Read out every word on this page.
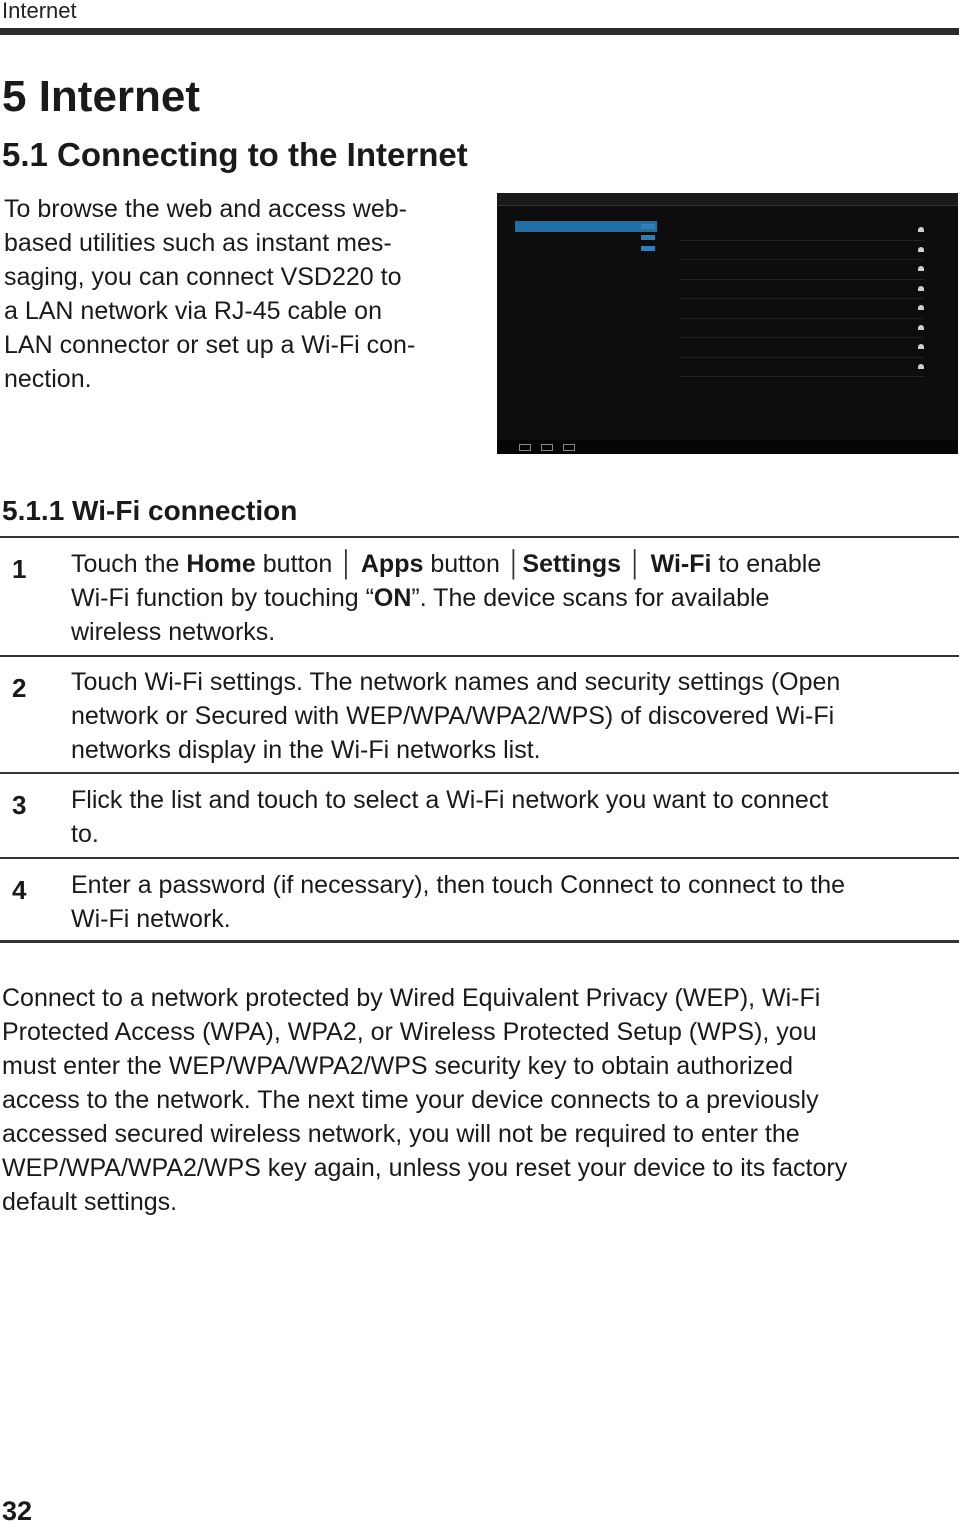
Internet
5 Internet
5.1 Connecting to the Internet

To browse the web and access web-
based utilities such as instant mes-
saging, you can connect VSD220 to
a LAN network via RJ-45 cable on
LAN connector or set up a Wi-Fi con-
nection.

5.1.1 Wi-Fi connection
1 Touch the Home button │ Apps button │Settings │ Wi-Fi to enable
Wi-Fi function by touching “ON”. The device scans for available
wireless networks.

2 Touch Wi-Fi settings. The network names and security settings (Open
network or Secured with WEP/WPA/WPA2/WPS) of discovered Wi-Fi
networks display in the Wi-Fi networks list.

3 Flick the list and touch to select a Wi-Fi network you want to connect
to.

4 Enter a password (if necessary), then touch Connect to connect to the
Wi-Fi network.

Connect to a network protected by Wired Equivalent Privacy (WEP), Wi-Fi
Protected Access (WPA), WPA2, or Wireless Protected Setup (WPS), you
must enter the WEP/WPA/WPA2/WPS security key to obtain authorized
access to the network. The next time your device connects to a previously
accessed secured wireless network, you will not be required to enter the
WEP/WPA/WPA2/WPS key again, unless you reset your device to its factory
default settings.

32
